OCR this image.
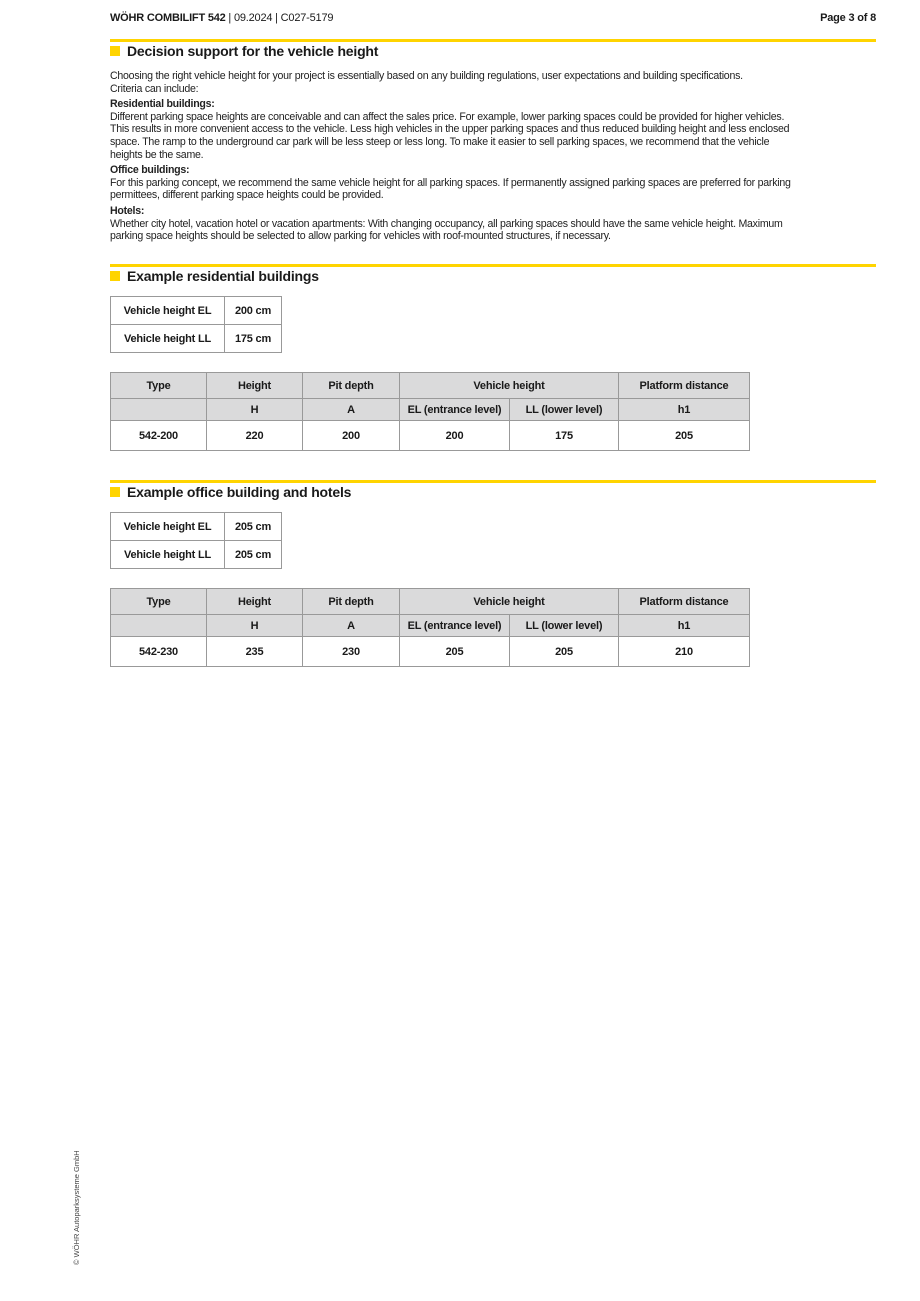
WÖHR COMBILIFT 542 | 09.2024 | C027-5179	Page 3 of 8
Decision support for the vehicle height
Choosing the right vehicle height for your project is essentially based on any building regulations, user expectations and building specifications.
Criteria can include:
Residential buildings:
Different parking space heights are conceivable and can affect the sales price. For example, lower parking spaces could be provided for higher vehicles.
This results in more convenient access to the vehicle. Less high vehicles in the upper parking spaces and thus reduced building height and less enclosed
space. The ramp to the underground car park will be less steep or less long. To make it easier to sell parking spaces, we recommend that the vehicle
heights be the same.
Office buildings:
For this parking concept, we recommend the same vehicle height for all parking spaces. If permanently assigned parking spaces are preferred for parking
permittees, different parking space heights could be provided.
Hotels:
Whether city hotel, vacation hotel or vacation apartments: With changing occupancy, all parking spaces should have the same vehicle height. Maximum
parking space heights should be selected to allow parking for vehicles with roof-mounted structures, if necessary.
Example residential buildings
Vehicle height EL	200 cm
Vehicle height LL	175 cm
Type	Height	Pit depth	Vehicle height		Platform distance
	H	A	EL (entrance level)	LL (lower level)	h1
542-200	220	200	200	175	205
Example office building and hotels
Vehicle height EL	205 cm
Vehicle height LL	205 cm
Type	Height	Pit depth	Vehicle height		Platform distance
	H	A	EL (entrance level)	LL (lower level)	h1
542-230	235	230	205	205	210
© WÖHR Autoparksysteme GmbH
